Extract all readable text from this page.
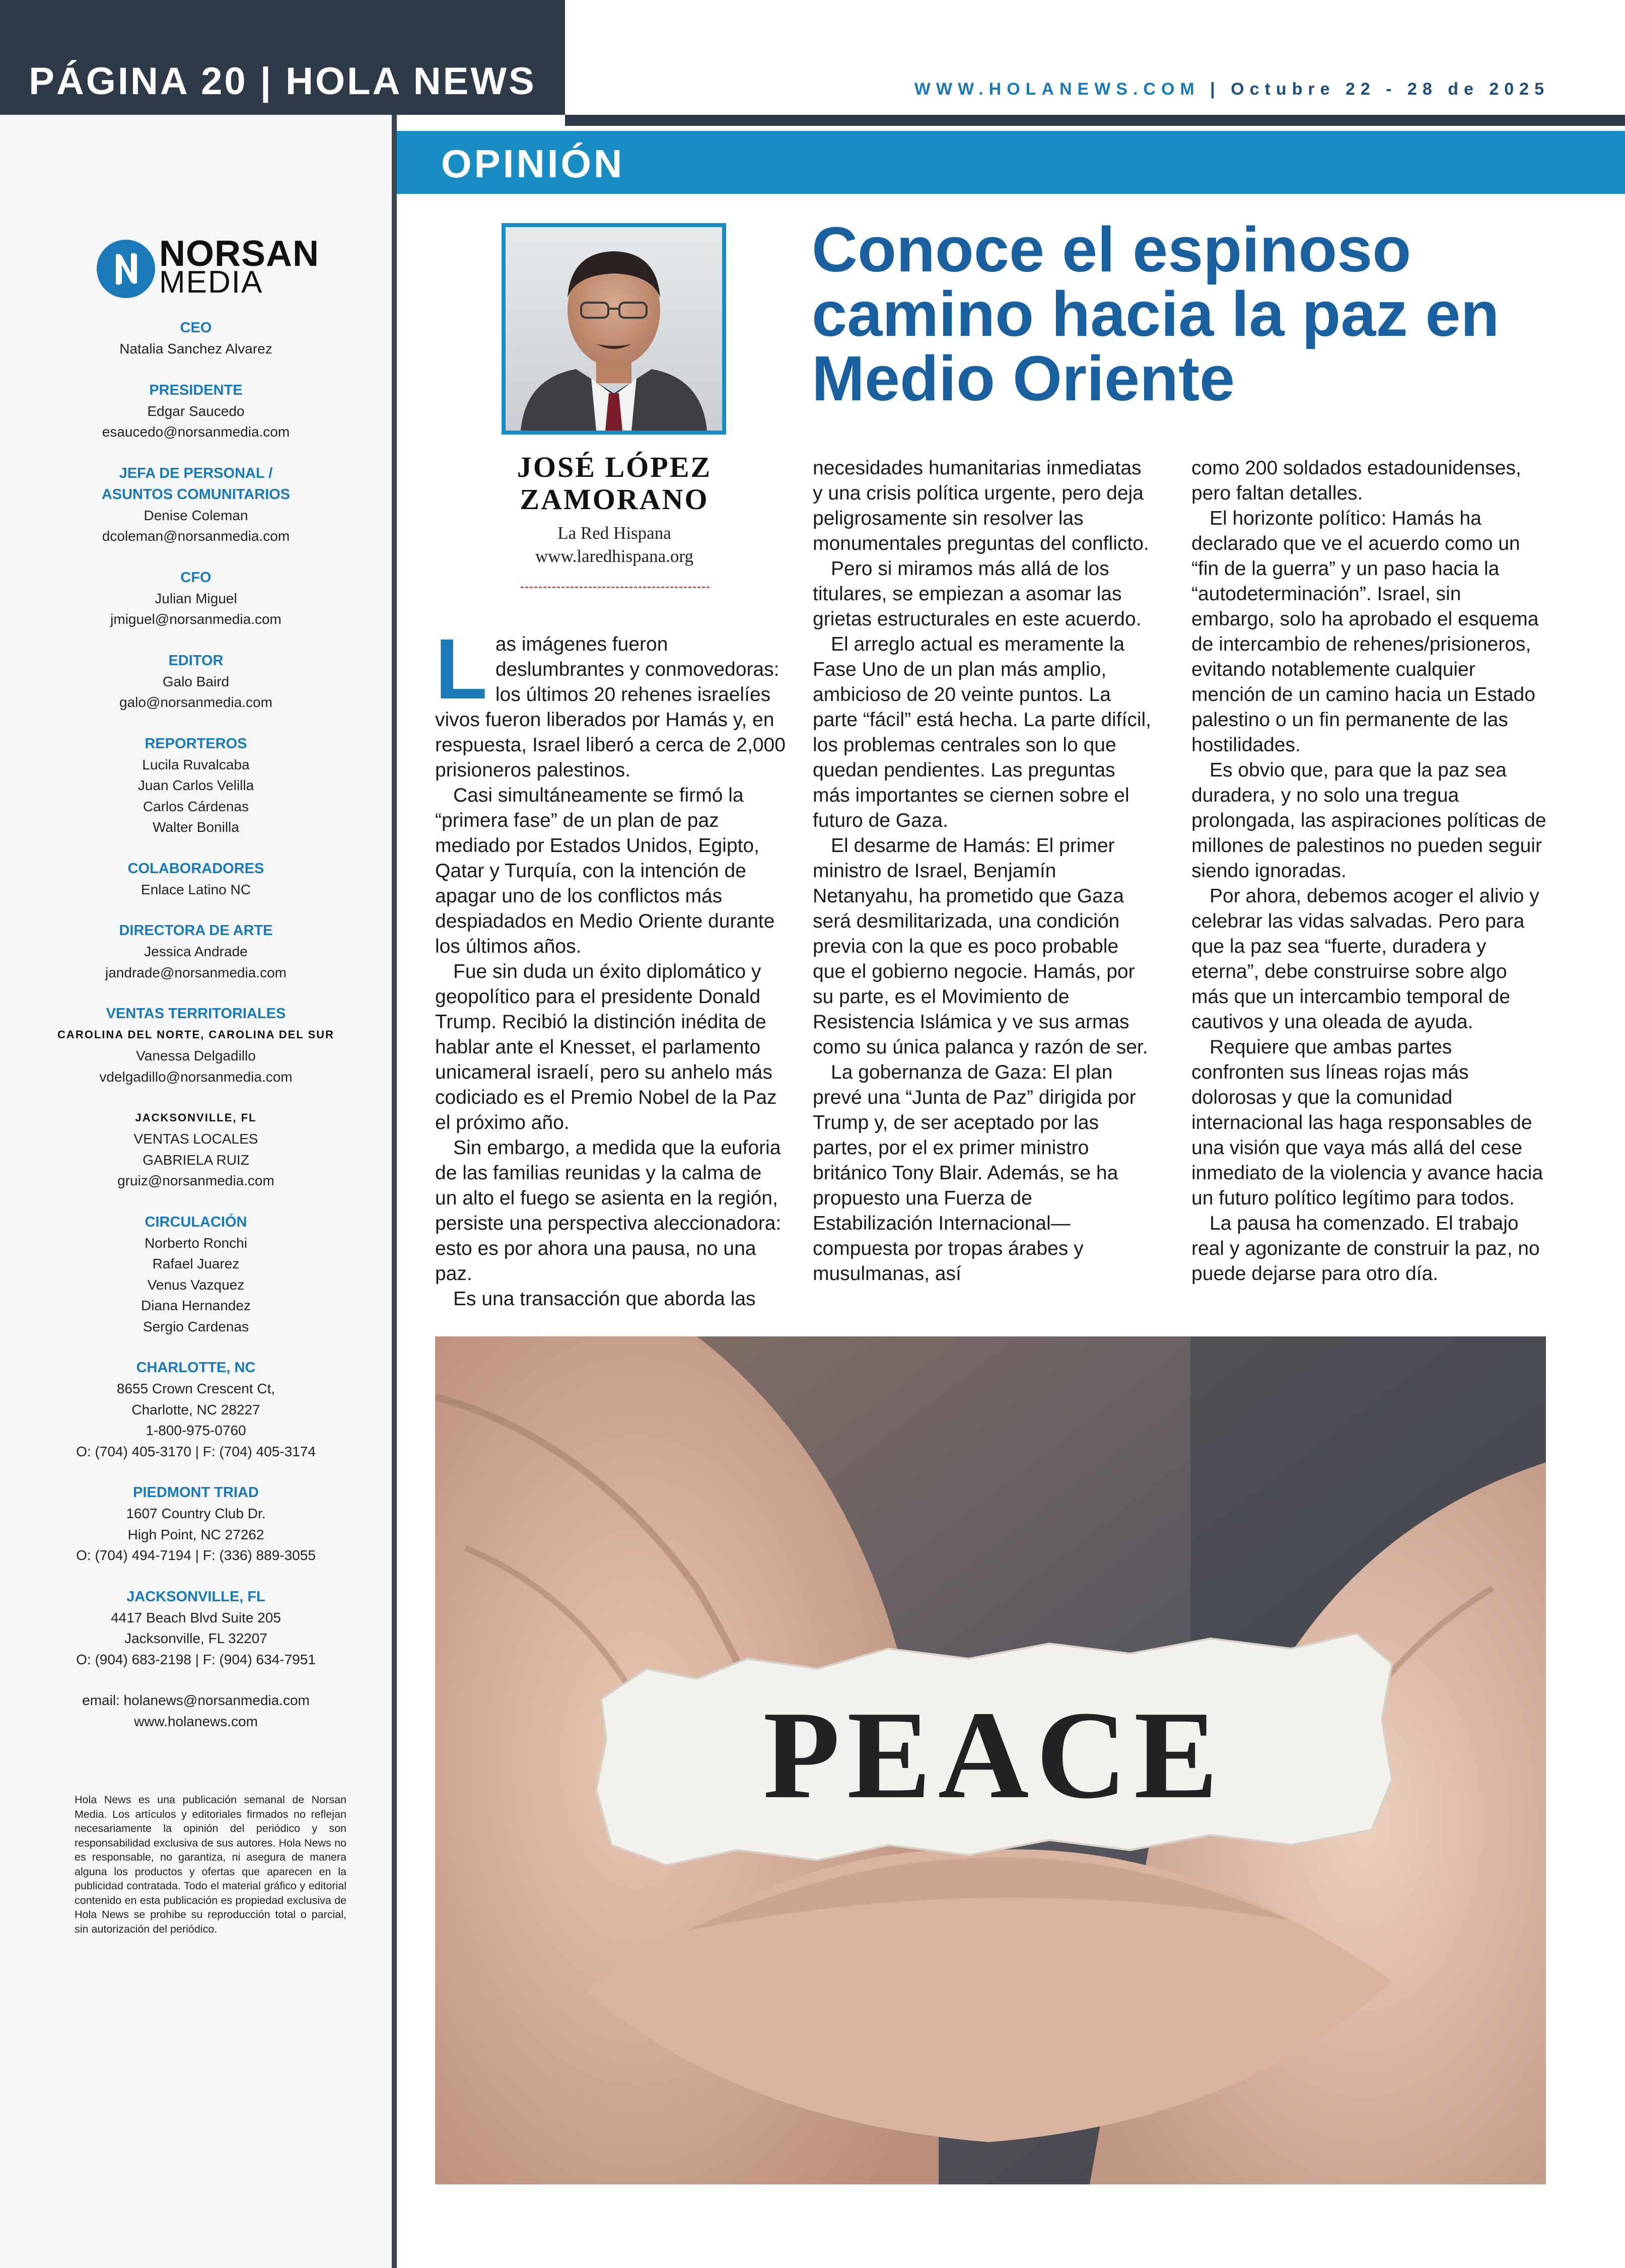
PÁGINA 20 | HOLA NEWS	WWW.HOLANEWS.COM | Octubre 22 - 28 de 2025
NORSAN
MEDIA
CEO
Natalia Sanchez Alvarez
PRESIDENTE
Edgar Saucedo
esaucedo@norsanmedia.com
JEFA DE PERSONAL /
ASUNTOS COMUNITARIOS
Denise Coleman
dcoleman@norsanmedia.com
CFO
Julian Miguel
jmiguel@norsanmedia.com
EDITOR
Galo Baird
galo@norsanmedia.com
REPORTEROS
Lucila Ruvalcaba
Juan Carlos Velilla
Carlos Cárdenas
Walter Bonilla
COLABORADORES
Enlace Latino NC
DIRECTORA DE ARTE
Jessica Andrade
jandrade@norsanmedia.com
VENTAS TERRITORIALES
CAROLINA DEL NORTE, CAROLINA DEL SUR
Vanessa Delgadillo
vdelgadillo@norsanmedia.com
JACKSONVILLE, FL
VENTAS LOCALES
GABRIELA RUIZ
gruiz@norsanmedia.com
CIRCULACIÓN
Norberto Ronchi
Rafael Juarez
Venus Vazquez
Diana Hernandez
Sergio Cardenas
CHARLOTTE, NC
8655 Crown Crescent Ct,
Charlotte, NC 28227
1-800-975-0760
O: (704) 405-3170 | F: (704) 405-3174
PIEDMONT TRIAD
1607 Country Club Dr.
High Point, NC 27262
O: (704) 494-7194 | F: (336) 889-3055
JACKSONVILLE, FL
4417 Beach Blvd Suite 205
Jacksonville, FL 32207
O: (904) 683-2198 | F: (904) 634-7951
email: holanews@norsanmedia.com
www.holanews.com
Hola News es una publicación semanal de Norsan Media. Los artículos y editoriales firmados no reflejan necesariamente la opinión del periódico y son responsabilidad exclusiva de sus autores. Hola News no es responsable, no garantiza, ni asegura de manera alguna los productos y ofertas que aparecen en la publicidad contratada. Todo el material gráfico y editorial contenido en esta publicación es propiedad exclusiva de Hola News se prohibe su reproducción total o parcial, sin autorización del periódico.
OPINIÓN
JOSÉ LÓPEZ
ZAMORANO
La Red Hispana
www.laredhispana.org
Conoce el espinoso camino hacia la paz en Medio Oriente

Las imágenes fueron deslumbrantes y conmovedoras: los últimos 20 rehenes israelíes vivos fueron liberados por Hamás y, en respuesta, Israel liberó a cerca de 2,000 prisioneros palestinos.

Casi simultáneamente se firmó la “primera fase” de un plan de paz mediado por Estados Unidos, Egipto, Qatar y Turquía, con la intención de apagar uno de los conflictos más despiadados en Medio Oriente durante los últimos años.

Fue sin duda un éxito diplomático y geopolítico para el presidente Donald Trump. Recibió la distinción inédita de hablar ante el Knesset, el parlamento unicameral israelí, pero su anhelo más codiciado es el Premio Nobel de la Paz el próximo año.

Sin embargo, a medida que la euforia de las familias reunidas y la calma de un alto el fuego se asienta en la región, persiste una perspectiva aleccionadora: esto es por ahora una pausa, no una paz.

Es una transacción que aborda las

necesidades humanitarias inmediatas y una crisis política urgente, pero deja peligrosamente sin resolver las monumentales preguntas del conflicto.

Pero si miramos más allá de los titulares, se empiezan a asomar las grietas estructurales en este acuerdo.

El arreglo actual es meramente la Fase Uno de un plan más amplio, ambicioso de 20 veinte puntos. La parte “fácil” está hecha. La parte difícil, los problemas centrales son lo que quedan pendientes. Las preguntas más importantes se ciernen sobre el futuro de Gaza.

El desarme de Hamás: El primer ministro de Israel, Benjamín Netanyahu, ha prometido que Gaza será desmilitarizada, una condición previa con la que es poco probable que el gobierno negocie. Hamás, por su parte, es el Movimiento de Resistencia Islámica y ve sus armas como su única palanca y razón de ser.

La gobernanza de Gaza: El plan prevé una “Junta de Paz” dirigida por Trump y, de ser aceptado por las partes, por el ex primer ministro británico Tony Blair. Además, se ha propuesto una Fuerza de Estabilización Internacional—compuesta por tropas árabes y musulmanas, así

como 200 soldados estadounidenses, pero faltan detalles.

El horizonte político: Hamás ha declarado que ve el acuerdo como un “fin de la guerra” y un paso hacia la “autodeterminación”. Israel, sin embargo, solo ha aprobado el esquema de intercambio de rehenes/prisioneros, evitando notablemente cualquier mención de un camino hacia un Estado palestino o un fin permanente de las hostilidades.

Es obvio que, para que la paz sea duradera, y no solo una tregua prolongada, las aspiraciones políticas de millones de palestinos no pueden seguir siendo ignoradas.

Por ahora, debemos acoger el alivio y celebrar las vidas salvadas. Pero para que la paz sea “fuerte, duradera y eterna”, debe construirse sobre algo más que un intercambio temporal de cautivos y una oleada de ayuda.

Requiere que ambas partes confronten sus líneas rojas más dolorosas y que la comunidad internacional las haga responsables de una visión que vaya más allá del cese inmediato de la violencia y avance hacia un futuro político legítimo para todos.

La pausa ha comenzado. El trabajo real y agonizante de construir la paz, no puede dejarse para otro día.

PEACE
